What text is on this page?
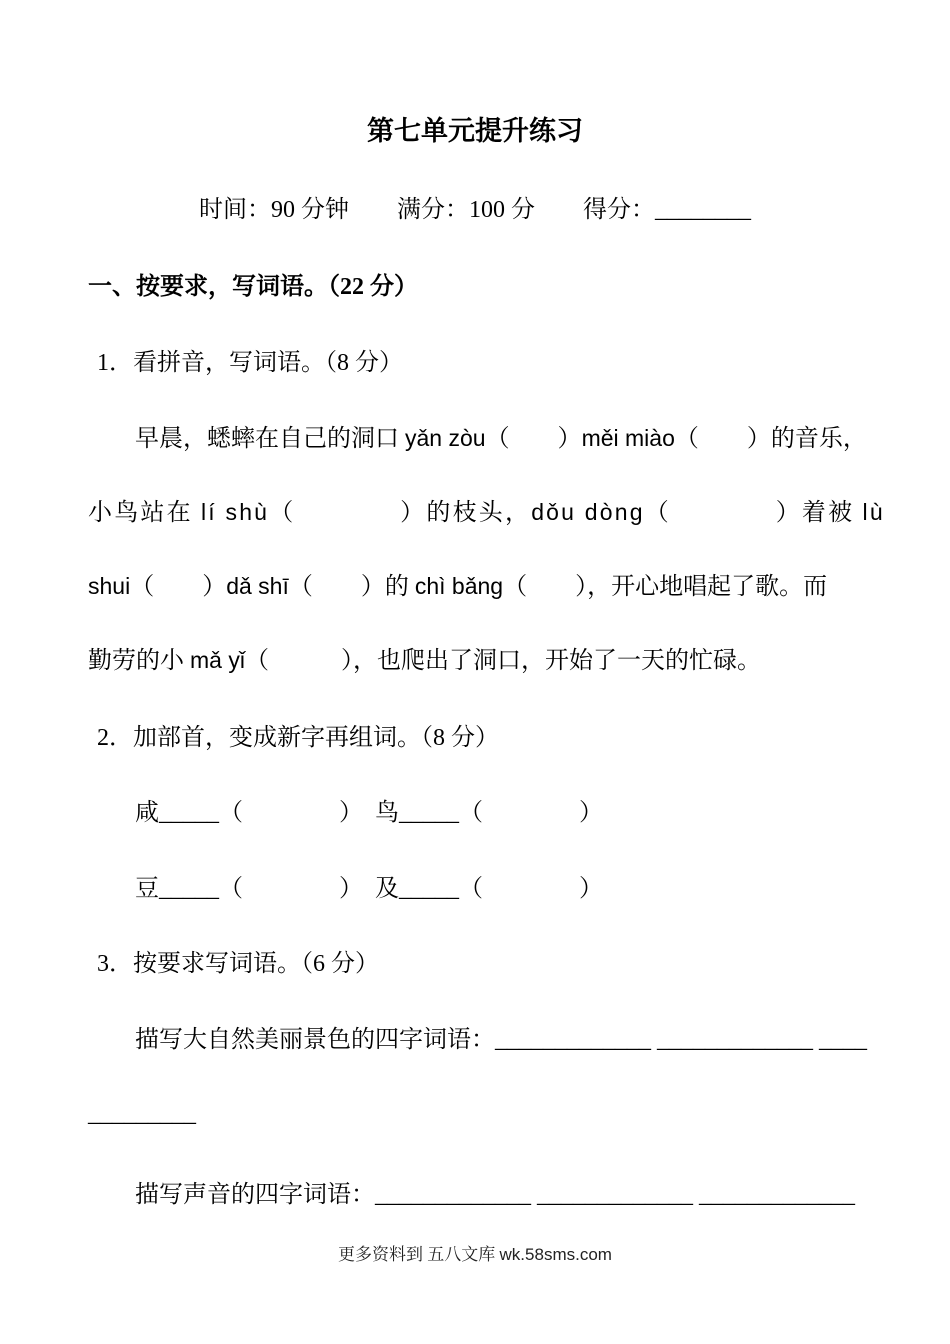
第七单元提升练习
时间：90 分钟 满分：100 分 得分：________
一、按要求，写词语。（22 分）
1．看拼音，写词语。（8 分）
早晨，蟋蟀在自己的洞口 yǎn zòu（　　）měi miào（　　）的音乐，
小鸟站在 lí shù（　　　　）的枝头，dǒu dòng（　　　　）着被 lù
shui（　　）dǎ shī（　　）的 chì bǎng（　　），开心地唱起了歌。而
勤劳的小 mǎ yǐ（　　　），也爬出了洞口，开始了一天的忙碌。
2．加部首，变成新字再组词。（8 分）
咸_____（　　　　）　鸟_____（　　　　）
豆_____（　　　　）　及_____（　　　　）
3．按要求写词语。（6 分）
描写大自然美丽景色的四字词语：_____________ _____________ ____
_________
描写声音的四字词语：_____________ _____________ _____________
更多资料到 五八文库 wk.58sms.com
